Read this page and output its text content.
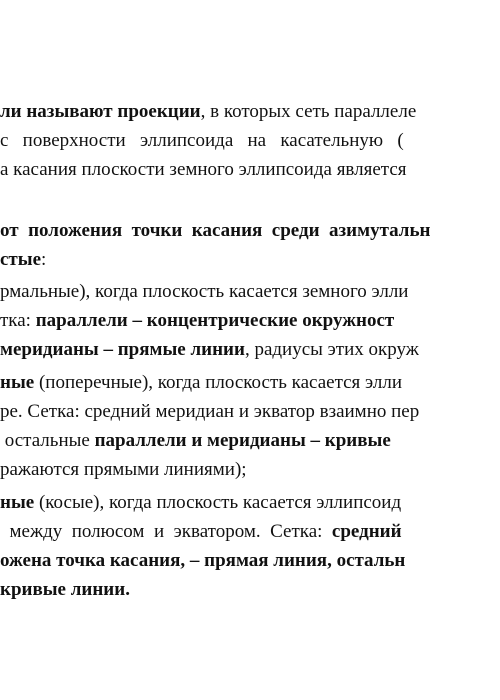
ли называют проекции, в которых сеть параллеле
с   поверхности   эллипсоида   на   касательную   (
а касания плоскости земного эллипсоида является
от  положения  точки  касания  среди  азимутальн
стые:
рмальные), когда плоскость касается земного элли
тка: параллели – концентрические окружност
меридианы – прямые линии, радиусы этих окруж
ные (поперечные), когда плоскость касается элли
ре. Сетка: средний меридиан и экватор взаимно пер
остальные параллели и меридианы – кривые
ражаются прямыми линиями);
ные (косые), когда плоскость касается эллипсоид
между  полюсом  и  экватором.  Сетка:  средний
ожена точка касания, – прямая линия, остальн
кривые линии.
